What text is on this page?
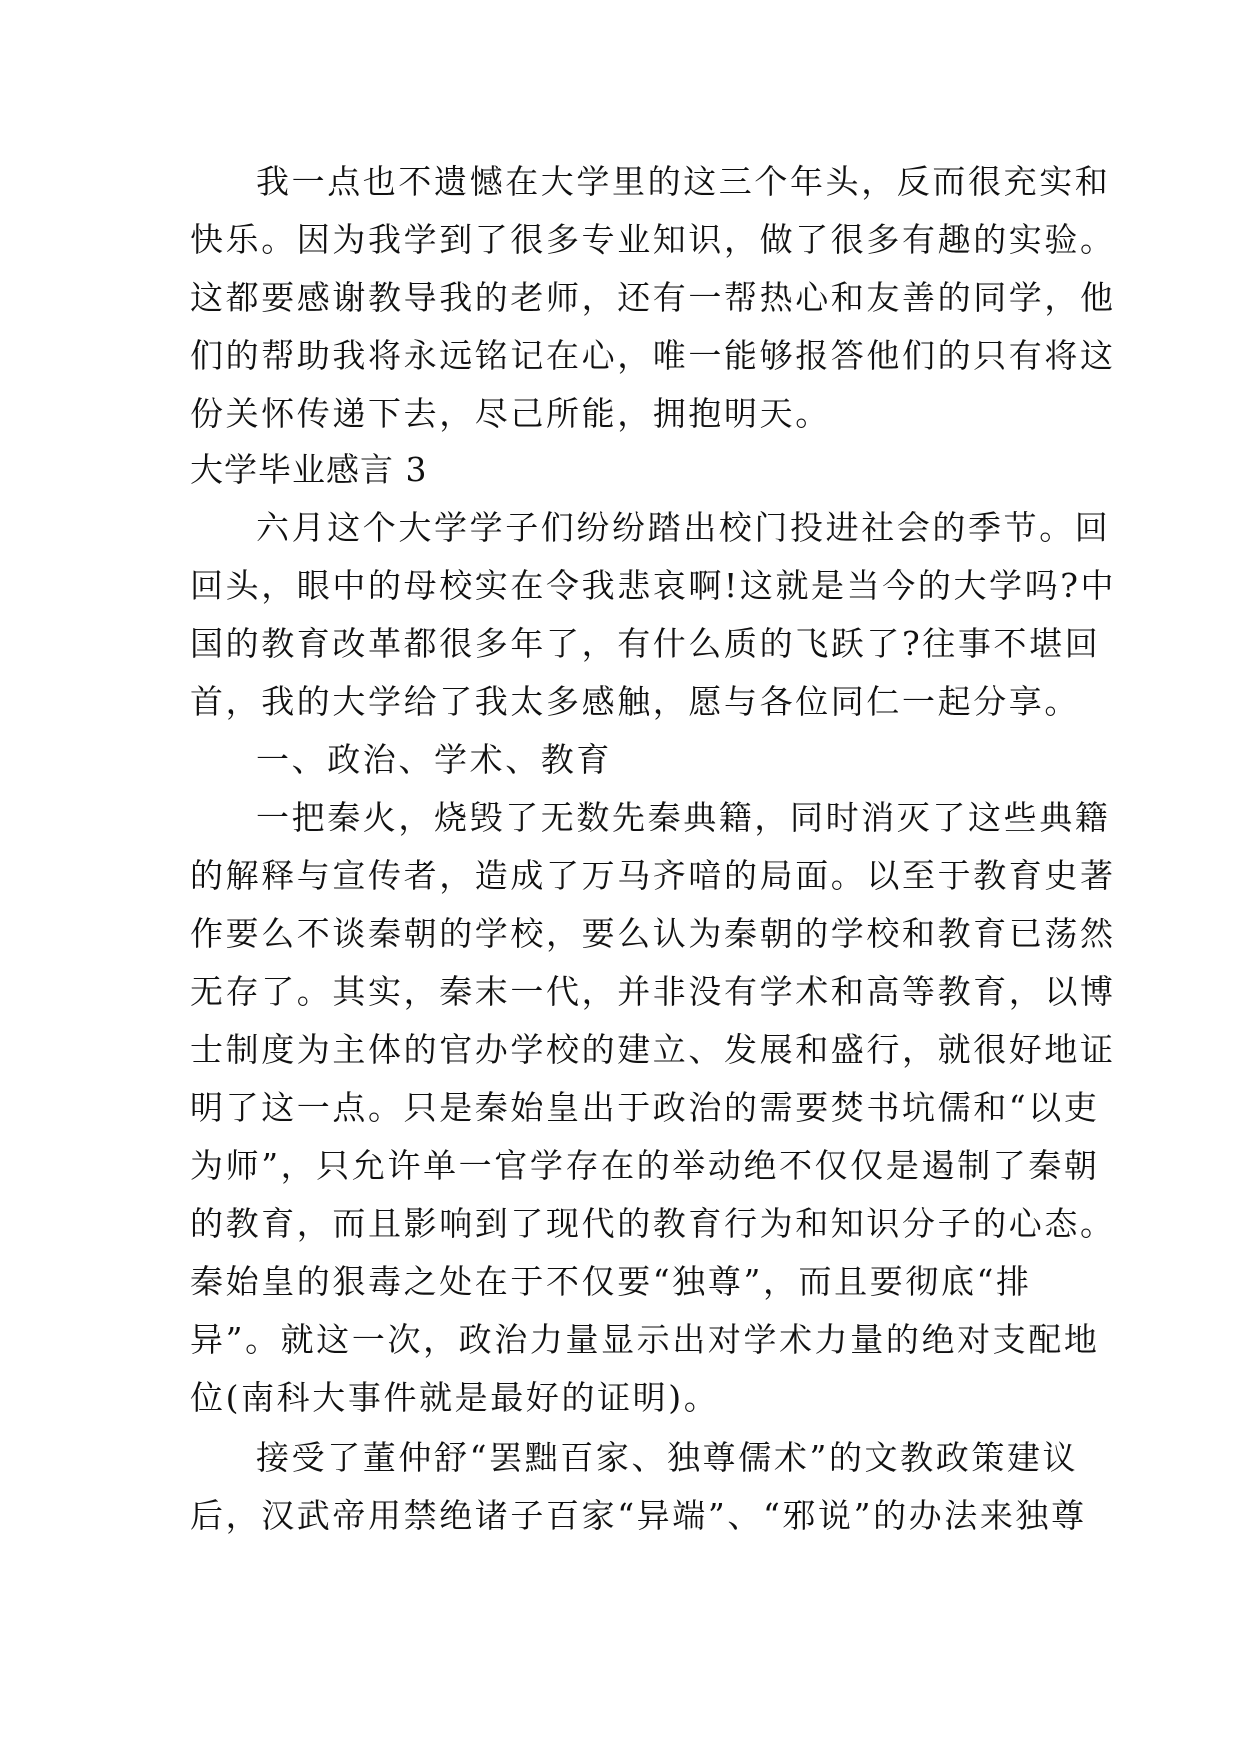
我一点也不遗憾在大学里的这三个年头，反而很充实和
快乐。因为我学到了很多专业知识，做了很多有趣的实验。
这都要感谢教导我的老师，还有一帮热心和友善的同学，他
们的帮助我将永远铭记在心，唯一能够报答他们的只有将这
份关怀传递下去，尽己所能，拥抱明天。
大学毕业感言 3
六月这个大学学子们纷纷踏出校门投进社会的季节。回
回头，眼中的母校实在令我悲哀啊!这就是当今的大学吗?中
国的教育改革都很多年了，有什么质的飞跃了?往事不堪回
首，我的大学给了我太多感触，愿与各位同仁一起分享。
一、政治、学术、教育
一把秦火，烧毁了无数先秦典籍，同时消灭了这些典籍
的解释与宣传者，造成了万马齐喑的局面。以至于教育史著
作要么不谈秦朝的学校，要么认为秦朝的学校和教育已荡然
无存了。其实，秦末一代，并非没有学术和高等教育，以博
士制度为主体的官办学校的建立、发展和盛行，就很好地证
明了这一点。只是秦始皇出于政治的需要焚书坑儒和“以吏
为师”，只允许单一官学存在的举动绝不仅仅是遏制了秦朝
的教育，而且影响到了现代的教育行为和知识分子的心态。
秦始皇的狠毒之处在于不仅要“独尊”，而且要彻底“排
异”。就这一次，政治力量显示出对学术力量的绝对支配地
位(南科大事件就是最好的证明)。
接受了董仲舒“罢黜百家、独尊儒术”的文教政策建议
后，汉武帝用禁绝诸子百家“异端”、“邪说”的办法来独尊
